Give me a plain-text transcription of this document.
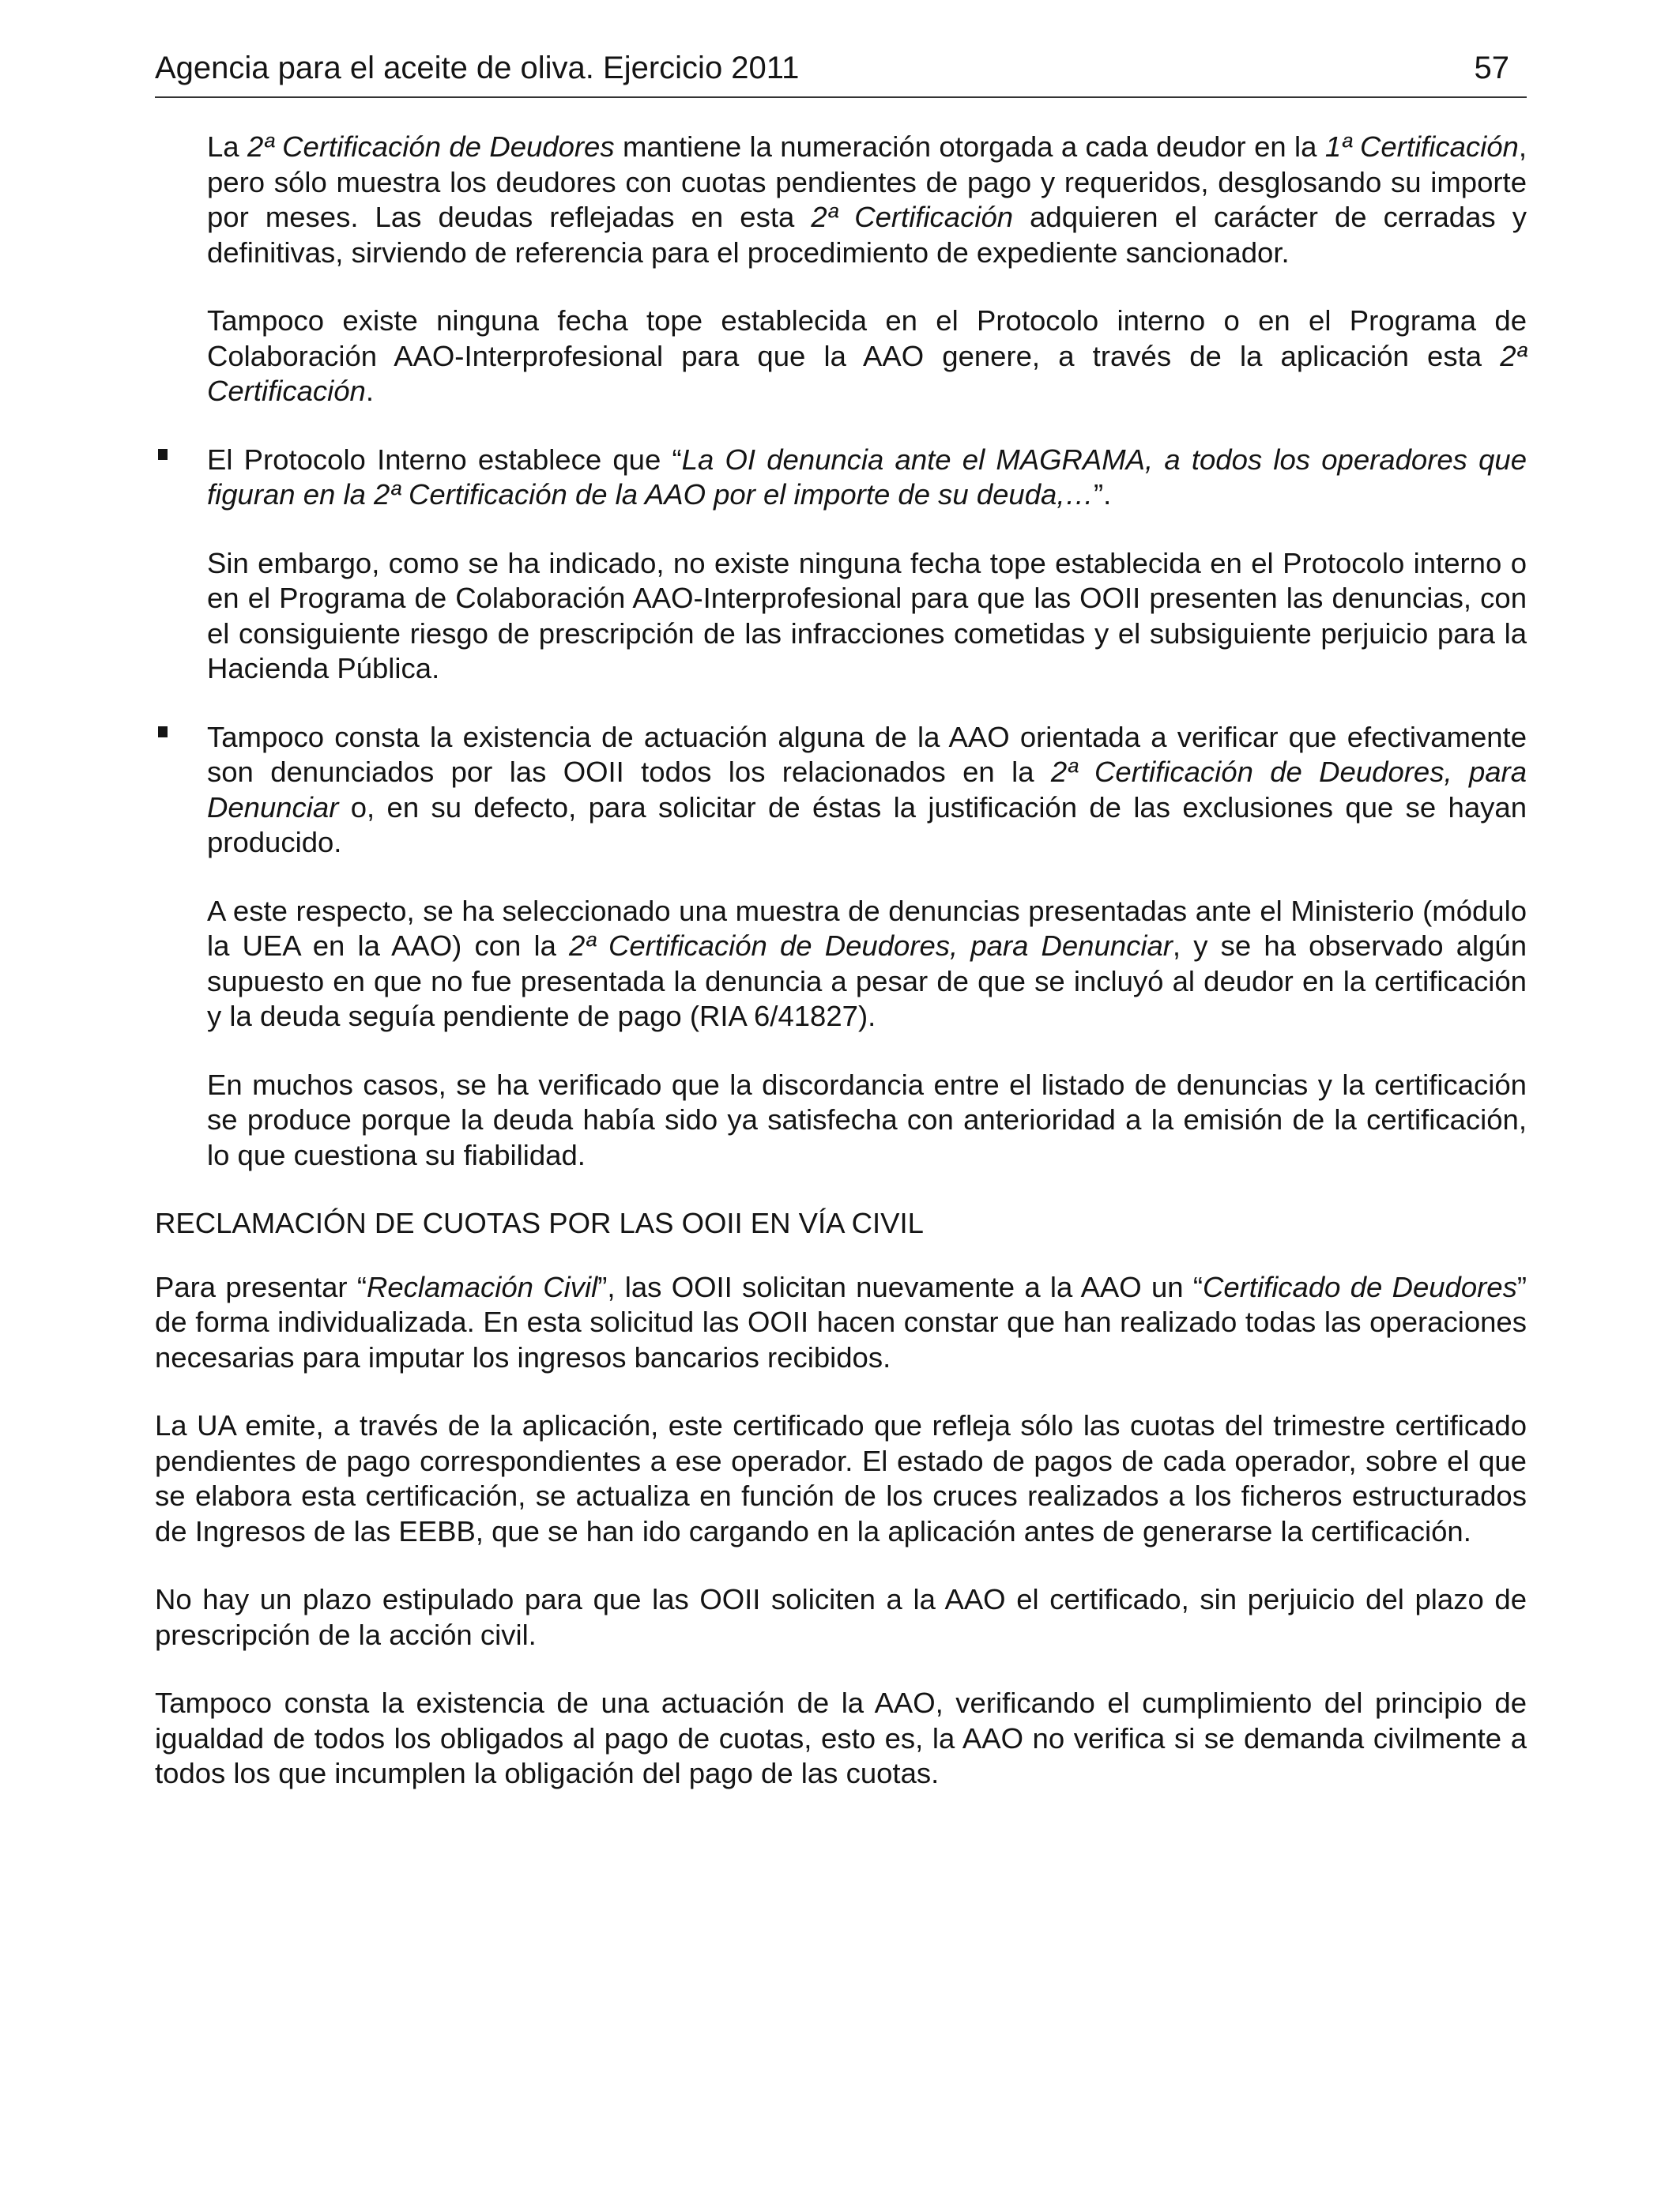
Agencia para el aceite de oliva. Ejercicio 2011	57

La 2ª Certificación de Deudores mantiene la numeración otorgada a cada deudor en la 1ª Certificación, pero sólo muestra los deudores con cuotas pendientes de pago y requeridos, desglosando su importe por meses. Las deudas reflejadas en esta 2ª Certificación adquieren el carácter de cerradas y definitivas, sirviendo de referencia para el procedimiento de expediente sancionador.

Tampoco existe ninguna fecha tope establecida en el Protocolo interno o en el Programa de Colaboración AAO-Interprofesional para que la AAO genere, a través de la aplicación esta 2ª Certificación.

El Protocolo Interno establece que “La OI denuncia ante el MAGRAMA, a todos los operadores que figuran en la 2ª Certificación de la AAO por el importe de su deuda,…”.

Sin embargo, como se ha indicado, no existe ninguna fecha tope establecida en el Protocolo interno o en el Programa de Colaboración AAO-Interprofesional para que las OOII presenten las denuncias, con el consiguiente riesgo de prescripción de las infracciones cometidas y el subsiguiente perjuicio para la Hacienda Pública.

Tampoco consta la existencia de actuación alguna de la AAO orientada a verificar que efectivamente son denunciados por las OOII todos los relacionados en la 2ª Certificación de Deudores, para Denunciar o, en su defecto, para solicitar de éstas la justificación de las exclusiones que se hayan producido.

A este respecto, se ha seleccionado una muestra de denuncias presentadas ante el Ministerio (módulo la UEA en la AAO) con la 2ª Certificación de Deudores, para Denunciar, y se ha observado algún supuesto en que no fue presentada la denuncia a pesar de que se incluyó al deudor en la certificación y la deuda seguía pendiente de pago (RIA 6/41827).

En muchos casos, se ha verificado que la discordancia entre el listado de denuncias y la certificación se produce porque la deuda había sido ya satisfecha con anterioridad a la emisión de la certificación, lo que cuestiona su fiabilidad.

RECLAMACIÓN DE CUOTAS POR LAS OOII EN VÍA CIVIL

Para presentar “Reclamación Civil”, las OOII solicitan nuevamente a la AAO un “Certificado de Deudores” de forma individualizada. En esta solicitud las OOII hacen constar que han realizado todas las operaciones necesarias para imputar los ingresos bancarios recibidos.

La UA emite, a través de la aplicación, este certificado que refleja sólo las cuotas del trimestre certificado pendientes de pago correspondientes a ese operador. El estado de pagos de cada operador, sobre el que se elabora esta certificación, se actualiza en función de los cruces realizados a los ficheros estructurados de Ingresos de las EEBB, que se han ido cargando en la aplicación antes de generarse la certificación.

No hay un plazo estipulado para que las OOII soliciten a la AAO el certificado, sin perjuicio del plazo de prescripción de la acción civil.

Tampoco consta la existencia de una actuación de la AAO, verificando el cumplimiento del principio de igualdad de todos los obligados al pago de cuotas, esto es, la AAO no verifica si se demanda civilmente a todos los que incumplen la obligación del pago de las cuotas.
